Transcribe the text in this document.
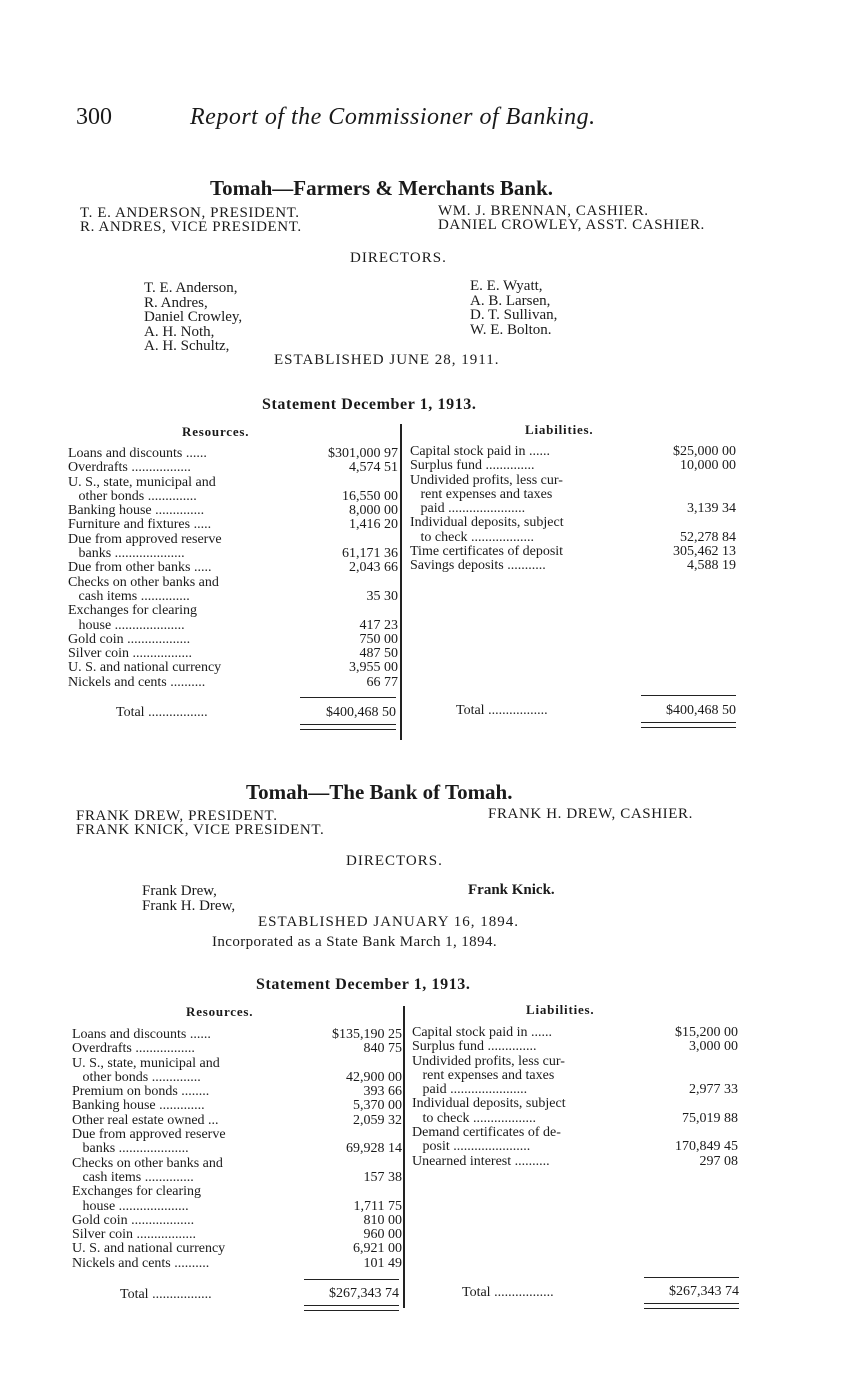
300	Report of the Commissioner of Banking.
Tomah—Farmers & Merchants Bank.
T. E. ANDERSON, PRESIDENT.
R. ANDRES, VICE PRESIDENT.
WM. J. BRENNAN, CASHIER.
DANIEL CROWLEY, ASST. CASHIER.
DIRECTORS.
T. E. Anderson,
R. Andres,
Daniel Crowley,
A. H. Noth,
A. H. Schultz,
E. E. Wyatt,
A. B. Larsen,
D. T. Sullivan,
W. E. Bolton.
ESTABLISHED JUNE 28, 1911.
Statement December 1, 1913.
Resources.	Liabilities.
Loans and discounts ......	$301,000 97
Overdrafts .................	4,574 51
U. S., state, municipal and
other bonds ..............	16,550 00
Banking house ..............	8,000 00
Furniture and fixtures .....	1,416 20
Due from approved reserve
banks ....................	61,171 36
Due from other banks .....	2,043 66
Checks on other banks and
cash items ..............	35 30
Exchanges for clearing
house ....................	417 23
Gold coin ..................	750 00
Silver coin .................	487 50
U. S. and national currency	3,955 00
Nickels and cents ..........	66 77
Capital stock paid in ......	$25,000 00
Surplus fund ..............	10,000 00
Undivided profits, less cur-
rent expenses and taxes
paid ......................	3,139 34
Individual deposits, subject
to check ..................	52,278 84
Time certificates of deposit	305,462 13
Savings deposits ...........	4,588 19
Total .................	$400,468 50	Total .................	$400,468 50
Tomah—The Bank of Tomah.
FRANK DREW, PRESIDENT.
FRANK KNICK, VICE PRESIDENT.
FRANK H. DREW, CASHIER.
DIRECTORS.
Frank Drew,
Frank H. Drew,
Frank Knick.
ESTABLISHED JANUARY 16, 1894.
Incorporated as a State Bank March 1, 1894.
Statement December 1, 1913.
Resources.	Liabilities.
Loans and discounts ......	$135,190 25
Overdrafts .................	840 75
U. S., state, municipal and
other bonds ..............	42,900 00
Premium on bonds ........	393 66
Banking house .............	5,370 00
Other real estate owned ...	2,059 32
Due from approved reserve
banks ....................	69,928 14
Checks on other banks and
cash items ..............	157 38
Exchanges for clearing
house ....................	1,711 75
Gold coin ..................	810 00
Silver coin .................	960 00
U. S. and national currency	6,921 00
Nickels and cents ..........	101 49
Capital stock paid in ......	$15,200 00
Surplus fund ..............	3,000 00
Undivided profits, less cur-
rent expenses and taxes
paid ......................	2,977 33
Individual deposits, subject
to check ..................	75,019 88
Demand certificates of de-
posit ......................	170,849 45
Unearned interest ..........	297 08
Total .................	$267,343 74	Total .................	$267,343 74
